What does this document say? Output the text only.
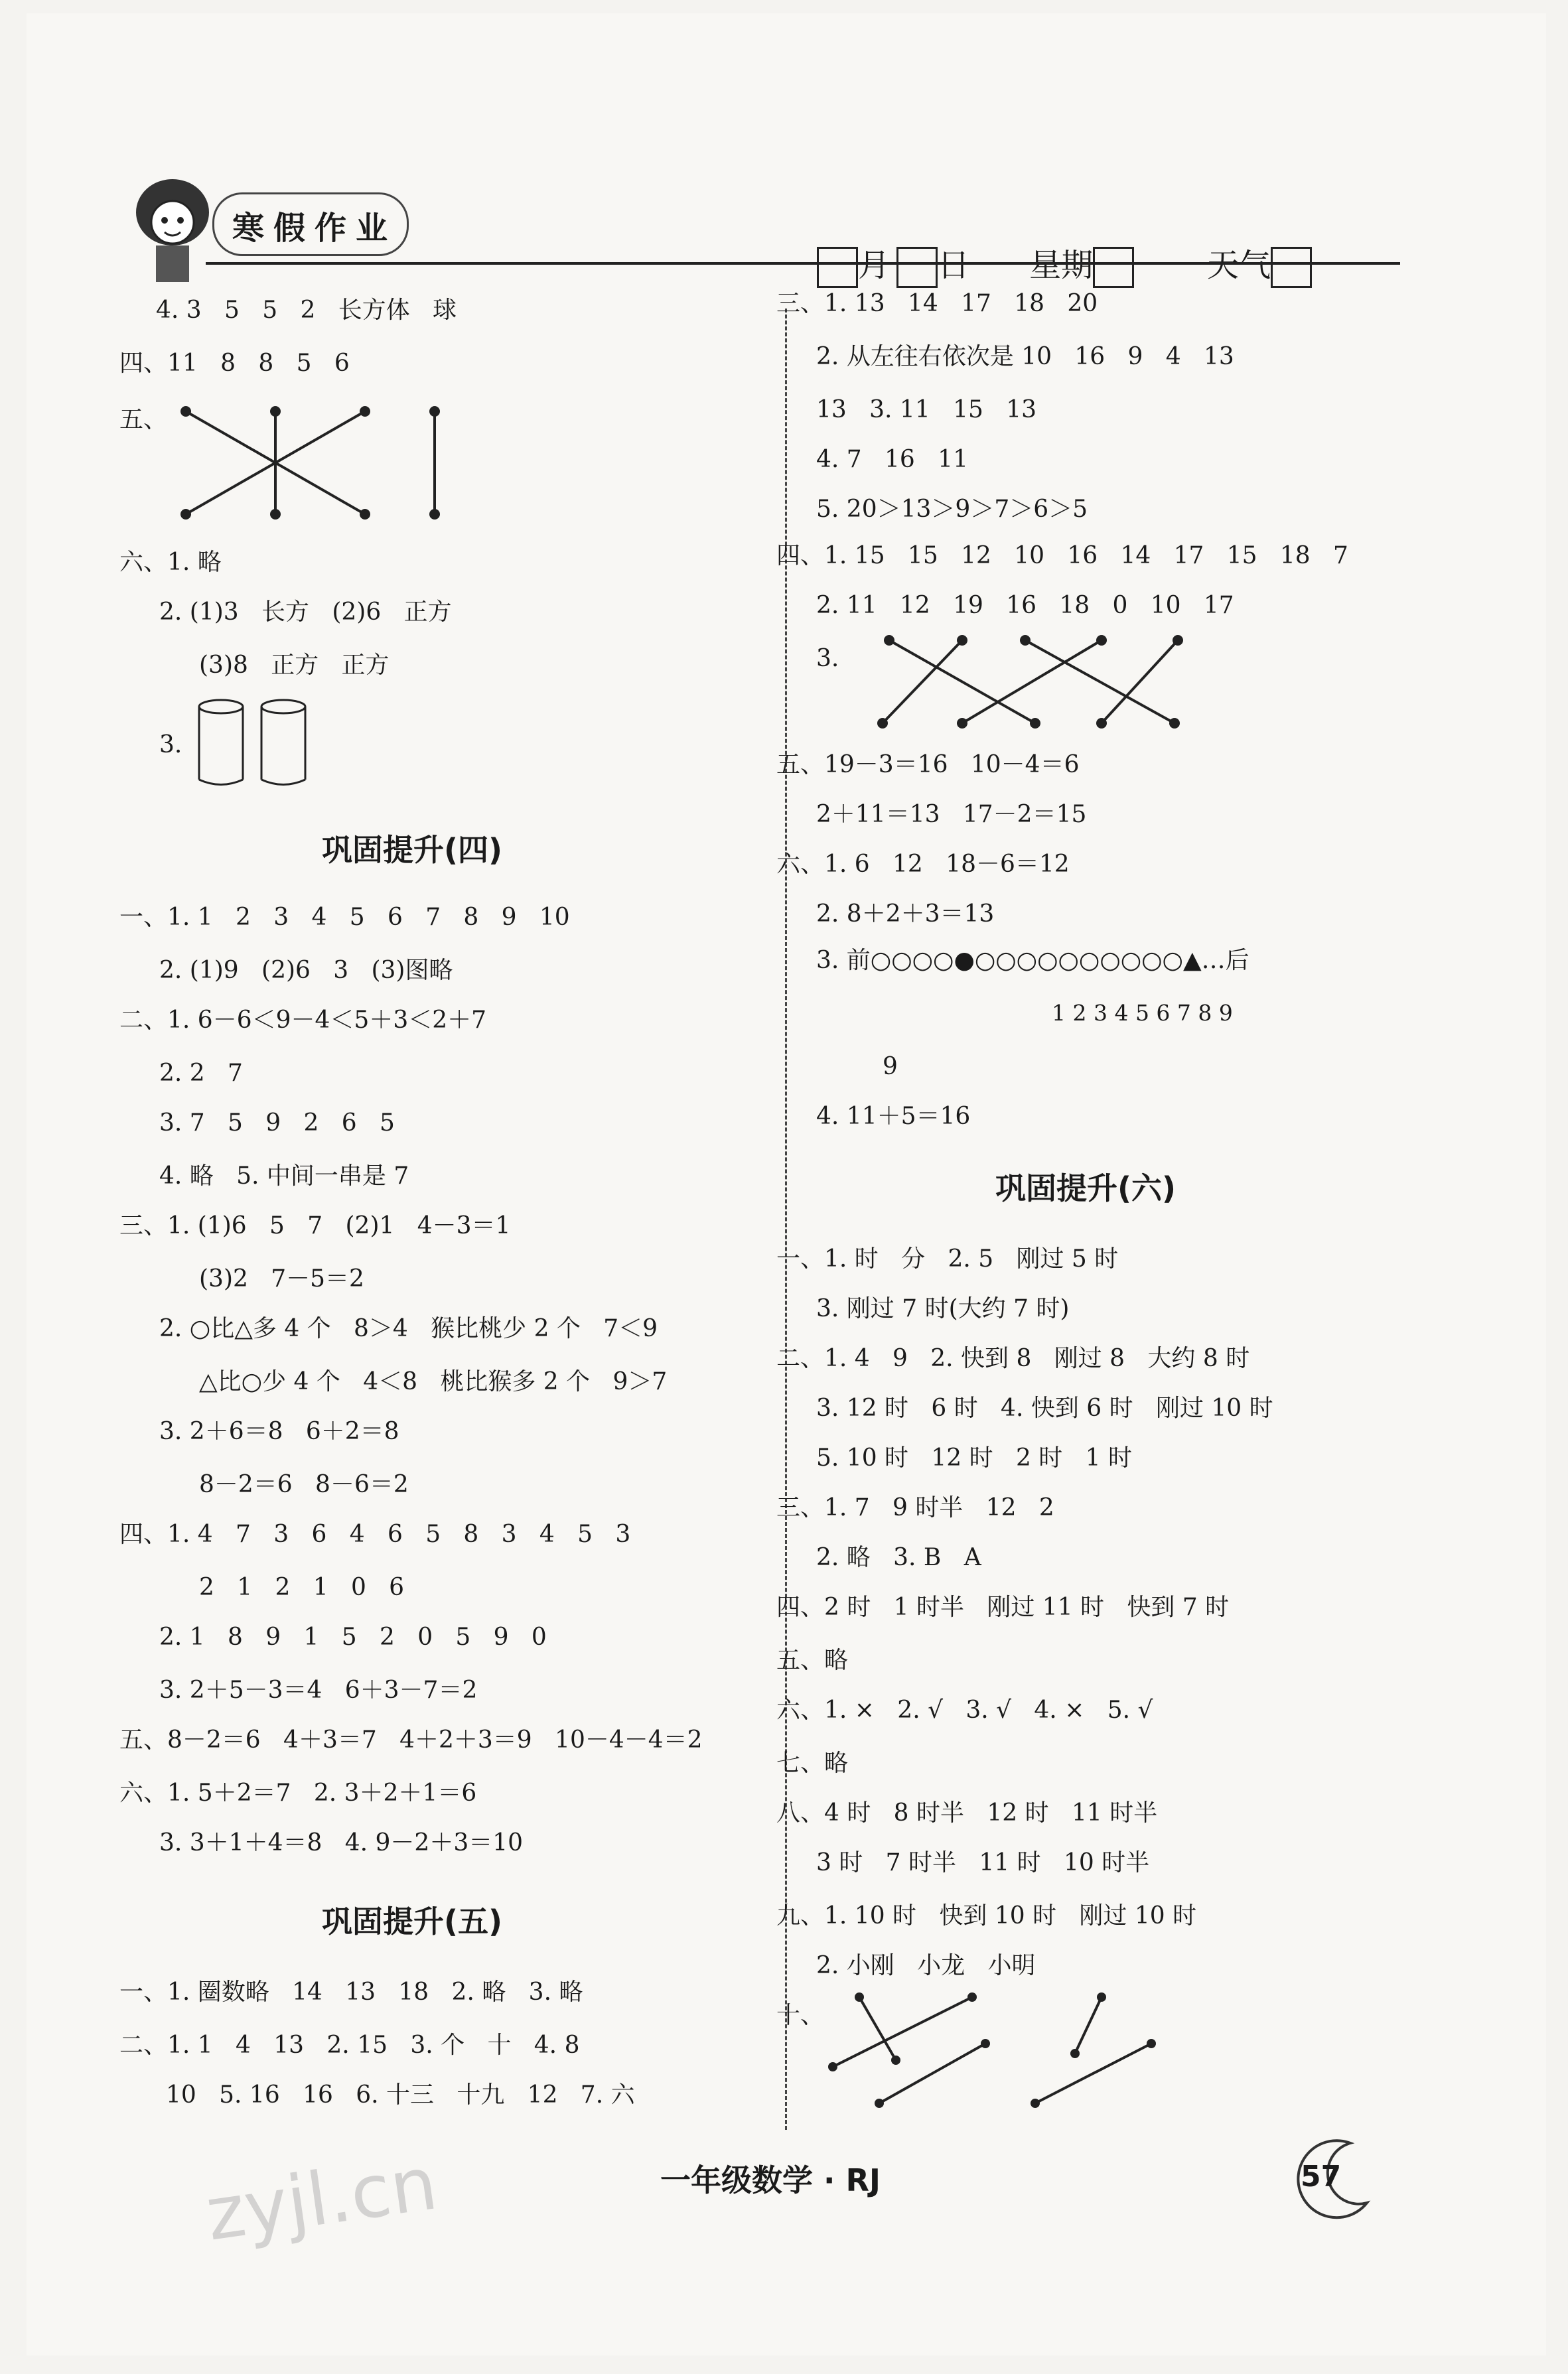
寒假作业

月 日 星期	天气

4. 3   5   5   2   长方体   球
四、11   8   8   5   6
五、
六、1. 略
2. (1)3   长方   (2)6   正方
(3)8   正方   正方
3.
巩固提升(四)
一、1. 1   2   3   4   5   6   7   8   9   10
2. (1)9   (2)6   3   (3)图略
二、1. 6－6＜9－4＜5＋3＜2＋7
2. 2   7
3. 7   5   9   2   6   5
4. 略   5. 中间一串是 7
三、1. (1)6   5   7   (2)1   4－3＝1
(3)2   7－5＝2
2. ○比△多 4 个   8＞4   猴比桃少 2 个   7＜9
△比○少 4 个   4＜8   桃比猴多 2 个   9＞7
3. 2＋6＝8   6＋2＝8
8－2＝6   8－6＝2
四、1. 4   7   3   6   4   6   5   8   3   4   5   3
2   1   2   1   0   6
2. 1   8   9   1   5   2   0   5   9   0
3. 2＋5－3＝4   6＋3－7＝2
五、8－2＝6   4＋3＝7   4＋2＋3＝9   10－4－4＝2
六、1. 5＋2＝7   2. 3＋2＋1＝6
3. 3＋1＋4＝8   4. 9－2＋3＝10
巩固提升(五)
一、1. 圈数略   14   13   18   2. 略   3. 略
二、1. 1   4   13   2. 15   3. 个   十   4. 8
10   5. 16   16   6. 十三   十九   12   7. 六
三、1. 13   14   17   18   20
2. 从左往右依次是 10   16   9   4   13
13   3. 11   15   13
4. 7   16   11
5. 20＞13＞9＞7＞6＞5
四、1. 15   15   12   10   16   14   17   15   18   7
2. 11   12   19   16   18   0   10   17
3.
五、19－3＝16   10－4＝6
2＋11＝13   17－2＝15
六、1. 6   12   18－6＝12
2. 8＋2＋3＝13
3. 前○○○○●○○○○○○○○○○▲…后
1 2 3 4 5 6 7 8 9
9
4. 11＋5＝16
巩固提升(六)
一、1. 时   分   2. 5   刚过 5 时
3. 刚过 7 时(大约 7 时)
二、1. 4   9   2. 快到 8   刚过 8   大约 8 时
3. 12 时   6 时   4. 快到 6 时   刚过 10 时
5. 10 时   12 时   2 时   1 时
三、1. 7   9 时半   12   2
2. 略   3. B   A
四、2 时   1 时半   刚过 11 时   快到 7 时
五、略
六、1. ×   2. √   3. √   4. ×   5. √
七、略
八、4 时   8 时半   12 时   11 时半
3 时   7 时半   11 时   10 时半
九、1. 10 时   快到 10 时   刚过 10 时
2. 小刚   小龙   小明
十、
zyjl.cn	一年级数学 · RJ	57
